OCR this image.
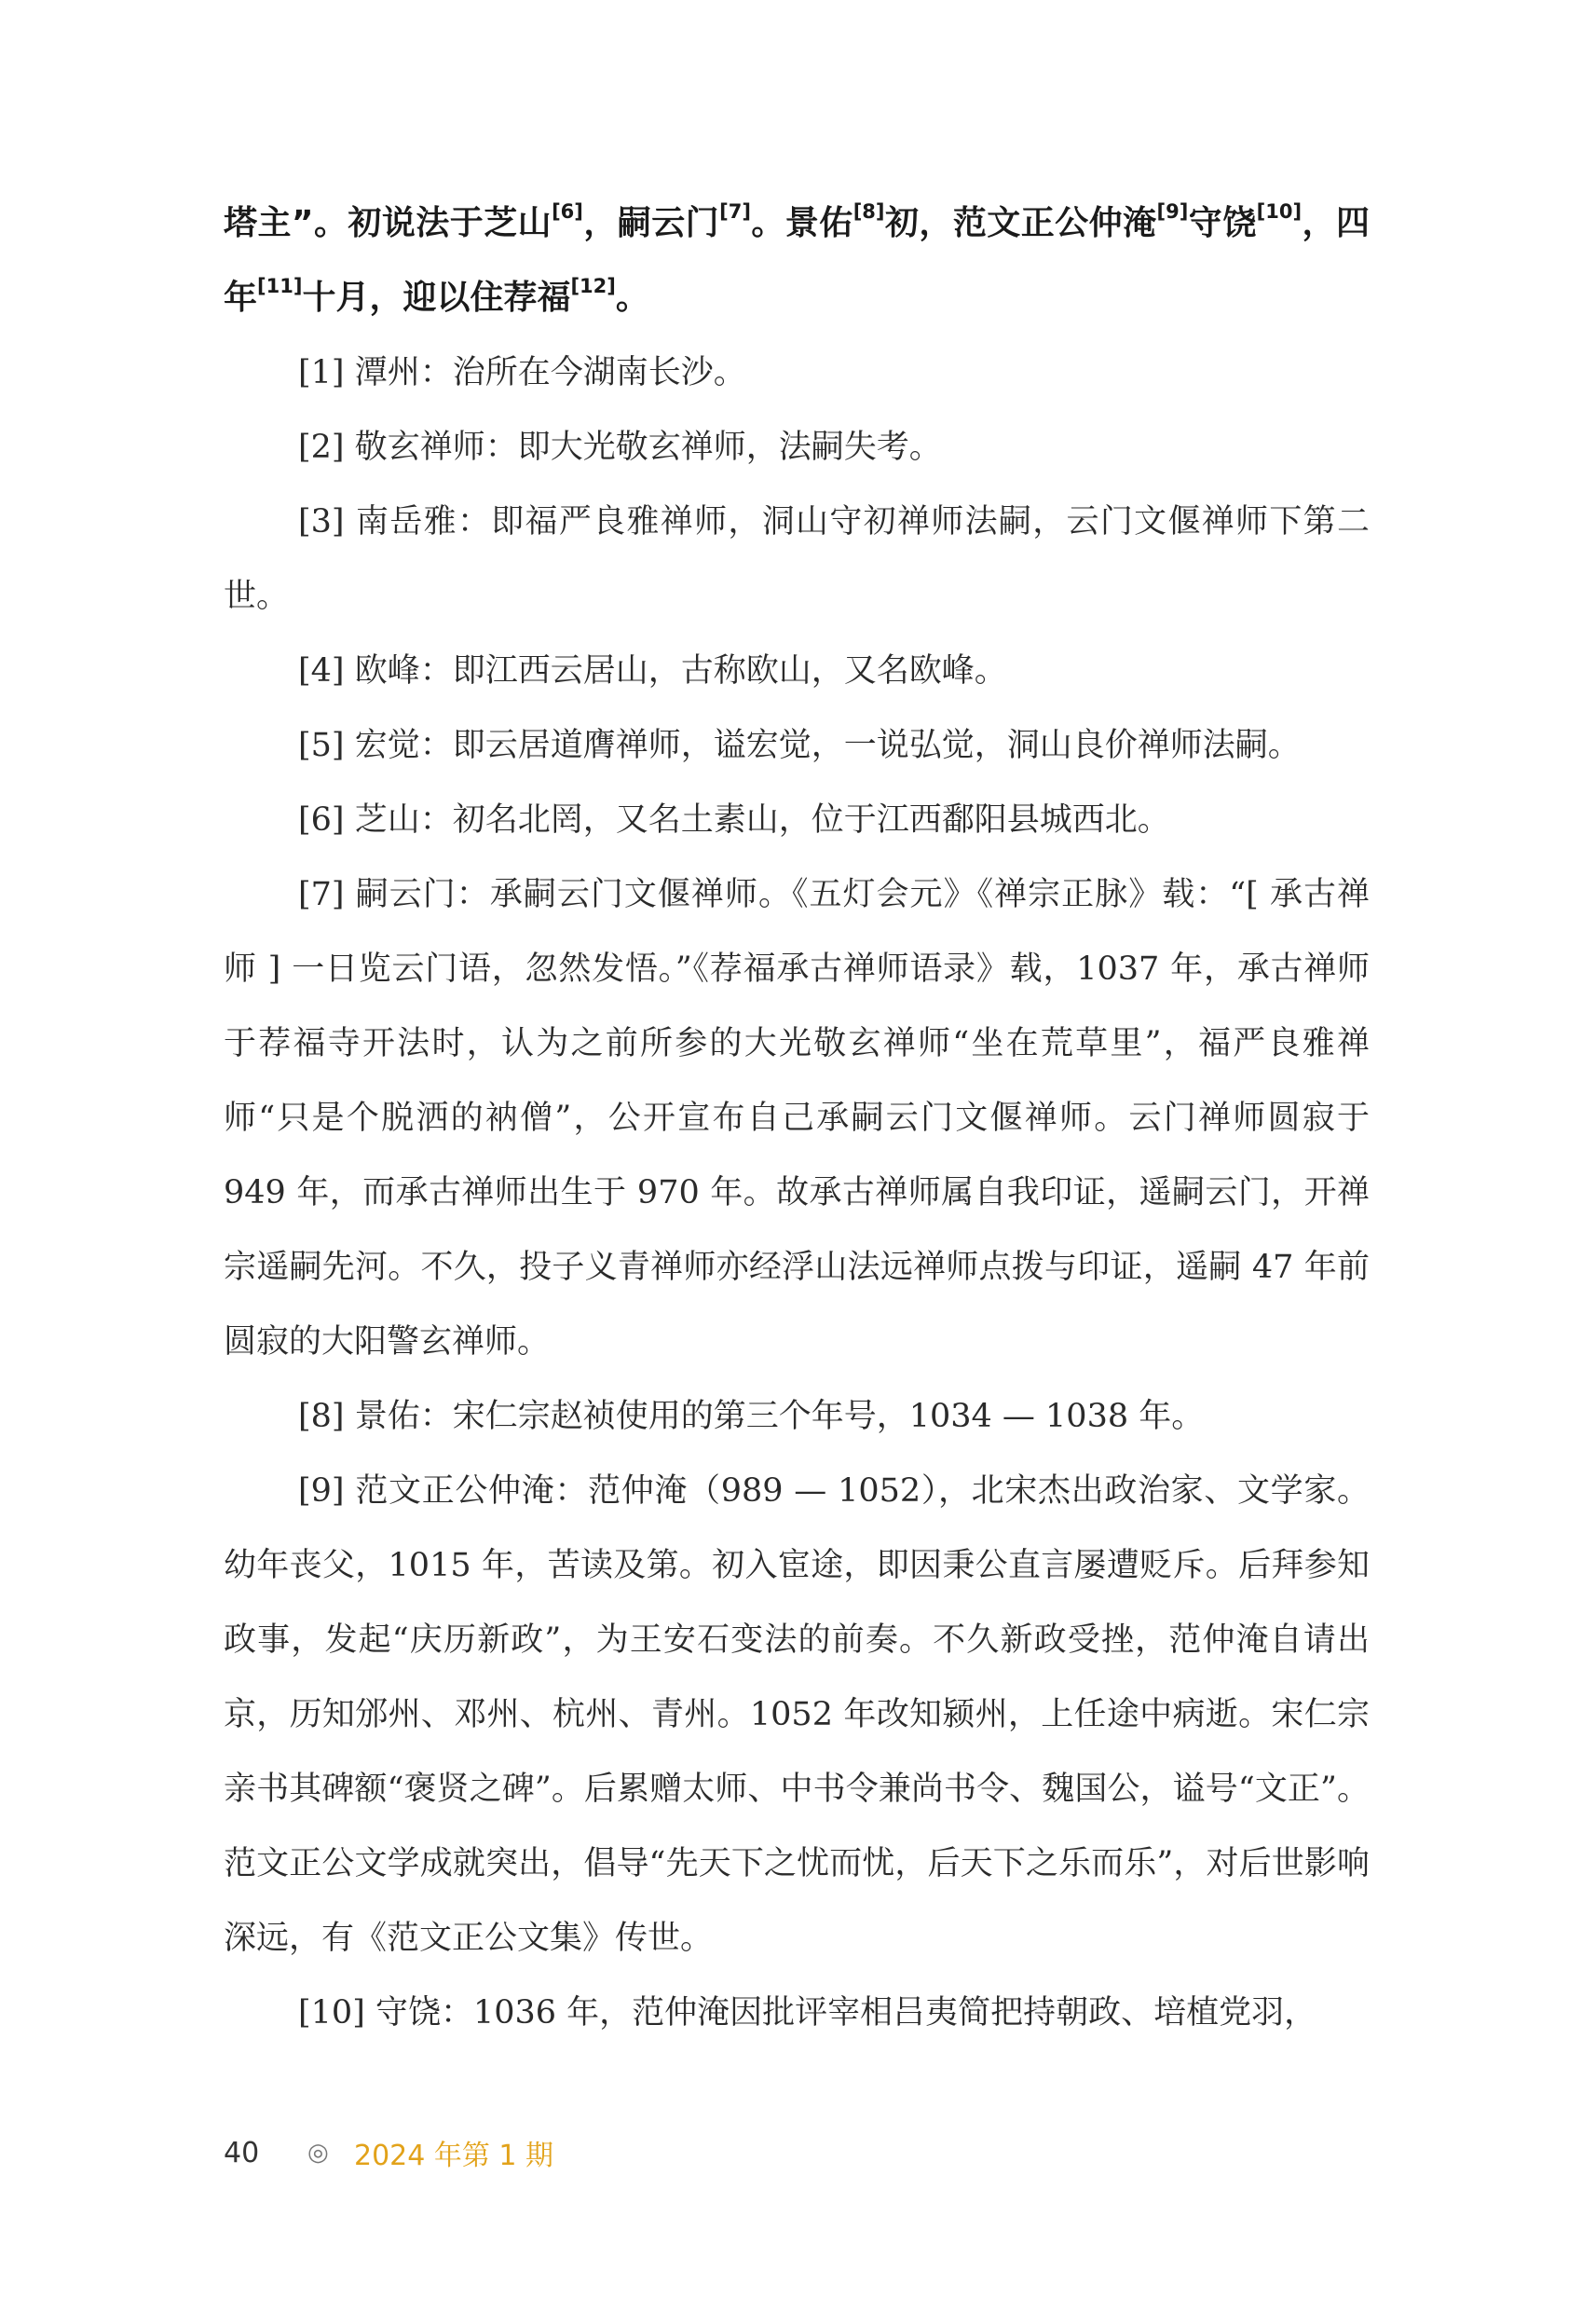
塔主”。初说法于芝山[6]，嗣云门[7]。景佑[8]初，范文正公仲淹[9]守饶[10]，四年[11]十月，迎以住荐福[12]。

[1] 潭州：治所在今湖南长沙。

[2] 敬玄禅师：即大光敬玄禅师，法嗣失考。

[3] 南岳雅：即福严良雅禅师，洞山守初禅师法嗣，云门文偃禅师下第二世。

[4] 欧峰：即江西云居山，古称欧山，又名欧峰。

[5] 宏觉：即云居道膺禅师，谥宏觉，一说弘觉，洞山良价禅师法嗣。

[6] 芝山：初名北罔，又名土素山，位于江西鄱阳县城西北。

[7] 嗣云门：承嗣云门文偃禅师。《五灯会元》《禅宗正脉》载：“[ 承古禅师 ] 一日览云门语，忽然发悟。”《荐福承古禅师语录》载，1037 年，承古禅师于荐福寺开法时，认为之前所参的大光敬玄禅师“坐在荒草里”，福严良雅禅师“只是个脱洒的衲僧”，公开宣布自己承嗣云门文偃禅师。云门禅师圆寂于 949 年，而承古禅师出生于 970 年。故承古禅师属自我印证，遥嗣云门，开禅宗遥嗣先河。不久，投子义青禅师亦经浮山法远禅师点拨与印证，遥嗣 47 年前圆寂的大阳警玄禅师。

[8] 景佑：宋仁宗赵祯使用的第三个年号，1034 — 1038 年。

[9] 范文正公仲淹：范仲淹（989 — 1052），北宋杰出政治家、文学家。幼年丧父，1015 年，苦读及第。初入宦途，即因秉公直言屡遭贬斥。后拜参知政事，发起“庆历新政”，为王安石变法的前奏。不久新政受挫，范仲淹自请出京，历知邠州、邓州、杭州、青州。1052 年改知颍州，上任途中病逝。宋仁宗亲书其碑额“褒贤之碑”。后累赠太师、中书令兼尚书令、魏国公，谥号“文正”。范文正公文学成就突出，倡导“先天下之忧而忧，后天下之乐而乐”，对后世影响深远，有《范文正公文集》传世。

[10] 守饶：1036 年，范仲淹因批评宰相吕夷简把持朝政、培植党羽，

40	◎ 2024 年第 1 期
